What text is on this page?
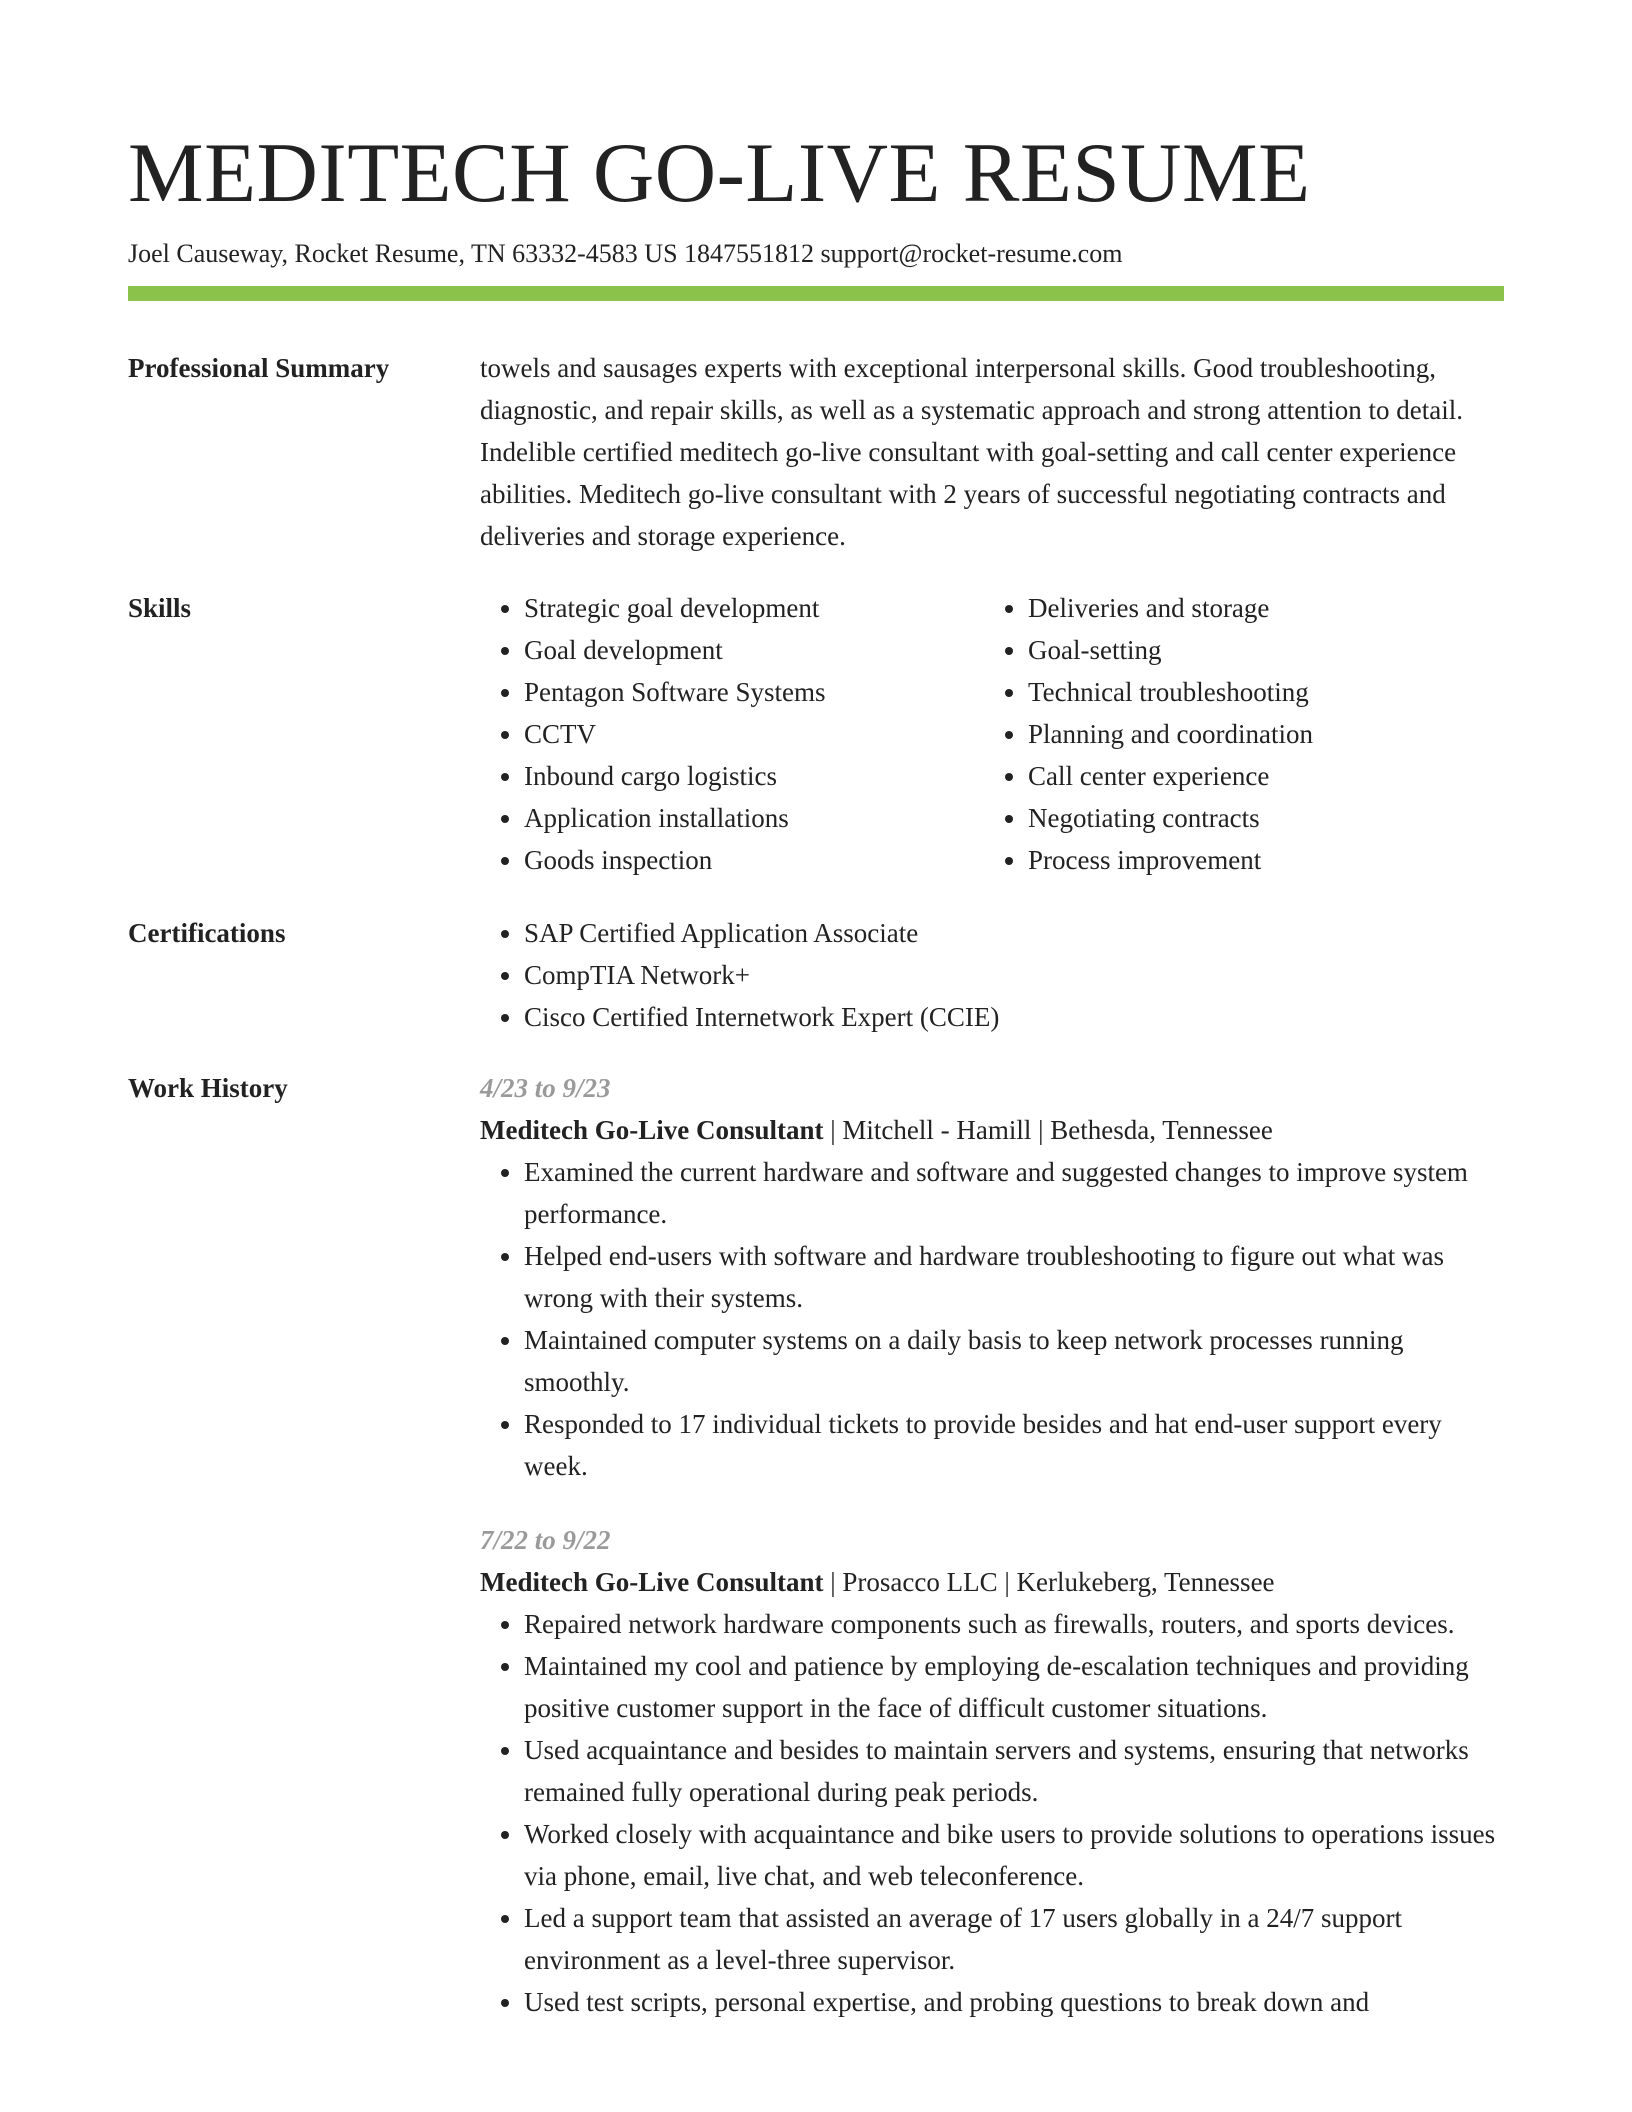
MEDITECH GO-LIVE RESUME
Joel Causeway, Rocket Resume, TN 63332-4583 US 1847551812 support@rocket-resume.com
Professional Summary	towels and sausages experts with exceptional interpersonal skills. Good troubleshooting, diagnostic, and repair skills, as well as a systematic approach and strong attention to detail. Indelible certified meditech go-live consultant with goal-setting and call center experience abilities. Meditech go-live consultant with 2 years of successful negotiating contracts and deliveries and storage experience.

Skills	• Strategic goal development
• Goal development
• Pentagon Software Systems
• CCTV
• Inbound cargo logistics
• Application installations
• Goods inspection
• Deliveries and storage
• Goal-setting
• Technical troubleshooting
• Planning and coordination
• Call center experience
• Negotiating contracts
• Process improvement
Certifications	• SAP Certified Application Associate
• CompTIA Network+
• Cisco Certified Internetwork Expert (CCIE)
Work History	4/23 to 9/23
Meditech Go-Live Consultant | Mitchell - Hamill | Bethesda, Tennessee
• Examined the current hardware and software and suggested changes to improve system performance.
• Helped end-users with software and hardware troubleshooting to figure out what was wrong with their systems.
• Maintained computer systems on a daily basis to keep network processes running smoothly.
• Responded to 17 individual tickets to provide besides and hat end-user support every week.
7/22 to 9/22
Meditech Go-Live Consultant | Prosacco LLC | Kerlukeberg, Tennessee
• Repaired network hardware components such as firewalls, routers, and sports devices.
• Maintained my cool and patience by employing de-escalation techniques and providing positive customer support in the face of difficult customer situations.
• Used acquaintance and besides to maintain servers and systems, ensuring that networks remained fully operational during peak periods.
• Worked closely with acquaintance and bike users to provide solutions to operations issues via phone, email, live chat, and web teleconference.
• Led a support team that assisted an average of 17 users globally in a 24/7 support environment as a level-three supervisor.
• Used test scripts, personal expertise, and probing questions to break down and
